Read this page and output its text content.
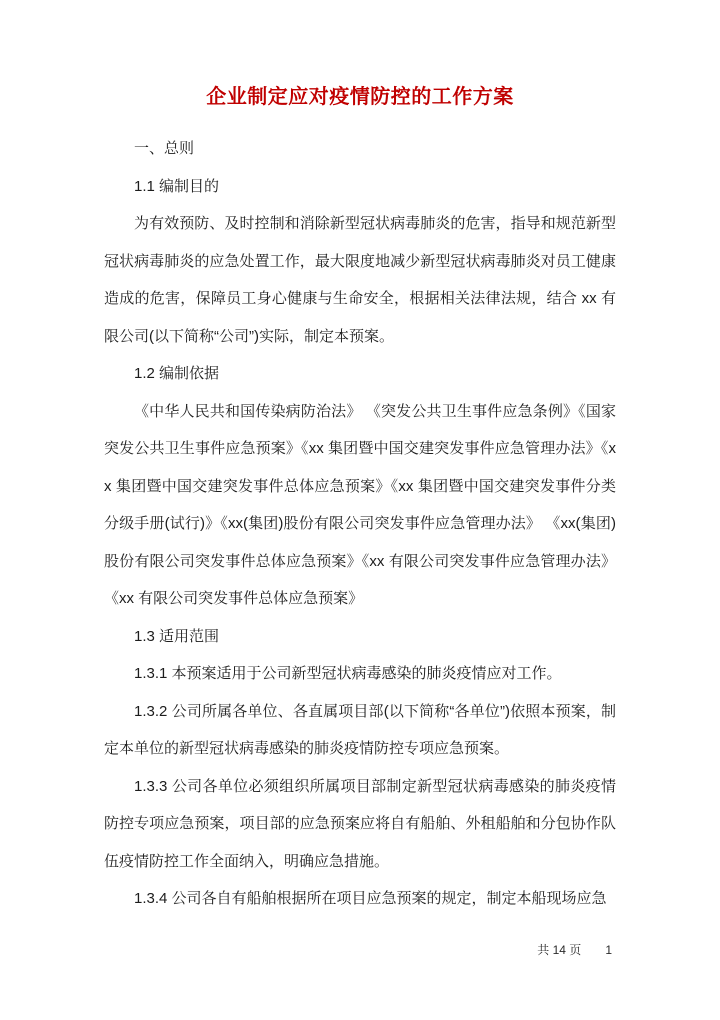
企业制定应对疫情防控的工作方案

一、总则

1.1 编制目的

为有效预防、及时控制和消除新型冠状病毒肺炎的危害，指导和规范新型冠状病毒肺炎的应急处置工作，最大限度地减少新型冠状病毒肺炎对员工健康造成的危害，保障员工身心健康与生命安全，根据相关法律法规，结合 xx 有限公司(以下简称“公司”)实际，制定本预案。

1.2 编制依据

《中华人民共和国传染病防治法》 《突发公共卫生事件应急条例》《国家突发公共卫生事件应急预案》《xx 集团暨中国交建突发事件应急管理办法》《xx 集团暨中国交建突发事件总体应急预案》《xx 集团暨中国交建突发事件分类分级手册(试行)》《xx(集团)股份有限公司突发事件应急管理办法》 《xx(集团)股份有限公司突发事件总体应急预案》《xx 有限公司突发事件应急管理办法》《xx 有限公司突发事件总体应急预案》

1.3 适用范围

1.3.1 本预案适用于公司新型冠状病毒感染的肺炎疫情应对工作。

1.3.2 公司所属各单位、各直属项目部(以下简称“各单位”)依照本预案，制定本单位的新型冠状病毒感染的肺炎疫情防控专项应急预案。

1.3.3 公司各单位必须组织所属项目部制定新型冠状病毒感染的肺炎疫情防控专项应急预案，项目部的应急预案应将自有船舶、外租船舶和分包协作队伍疫情防控工作全面纳入，明确应急措施。

1.3.4 公司各自有船舶根据所在项目应急预案的规定，制定本船现场应急

共 14 页 1
